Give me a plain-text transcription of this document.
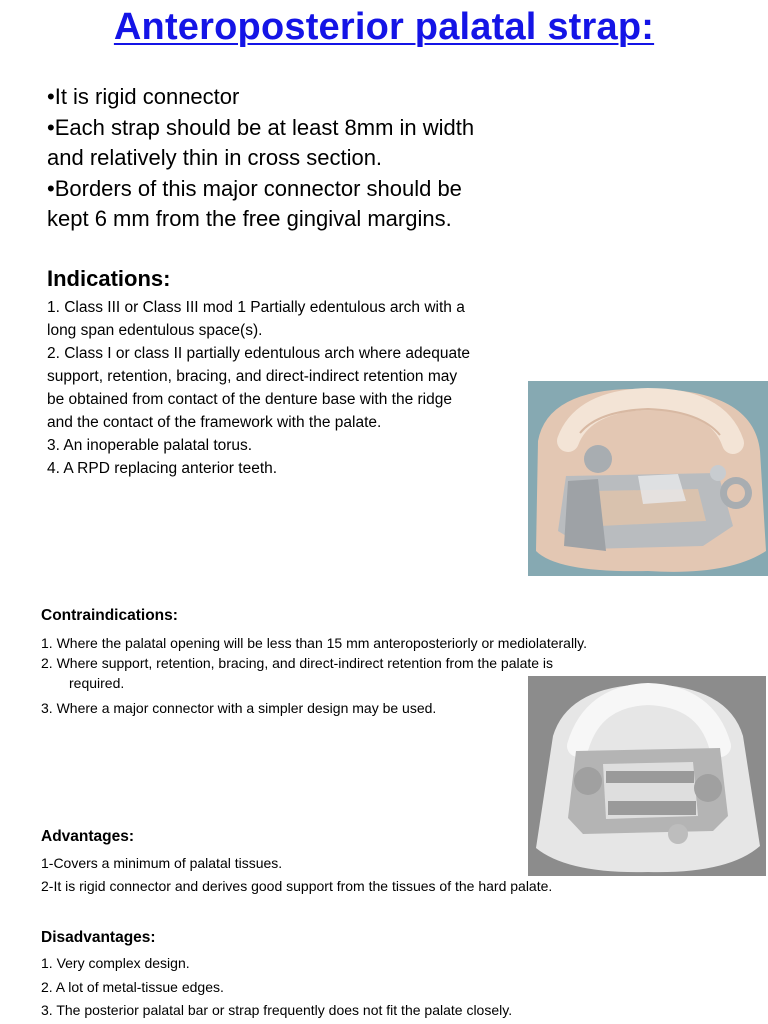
Anteroposterior palatal strap:
•It is rigid connector
•Each strap should be at least 8mm in width
and relatively thin in cross section.
•Borders of this major connector should be
kept 6 mm from the free gingival margins.
Indications:
1. Class III or Class III mod 1 Partially edentulous arch with a
long span edentulous space(s).
2. Class I or class II partially edentulous arch where adequate
support, retention, bracing, and direct-indirect retention may
be obtained from contact of the denture base with the ridge
and the contact of the framework with the palate.
3. An inoperable palatal torus.
4. A RPD replacing anterior teeth.
Contraindications:
1. Where the palatal opening will be less than 15 mm anteroposteriorly or mediolaterally.
2. Where support, retention, bracing, and direct-indirect retention from the palate is
required.
3. Where a major connector with a simpler design may be used.
Advantages:
1-Covers a minimum of palatal tissues.
2-It is rigid connector and derives good support from the tissues of the hard palate.
Disadvantages:
1. Very complex design.
2. A lot of metal-tissue edges.
3. The posterior palatal bar or strap frequently does not fit the palate closely.
